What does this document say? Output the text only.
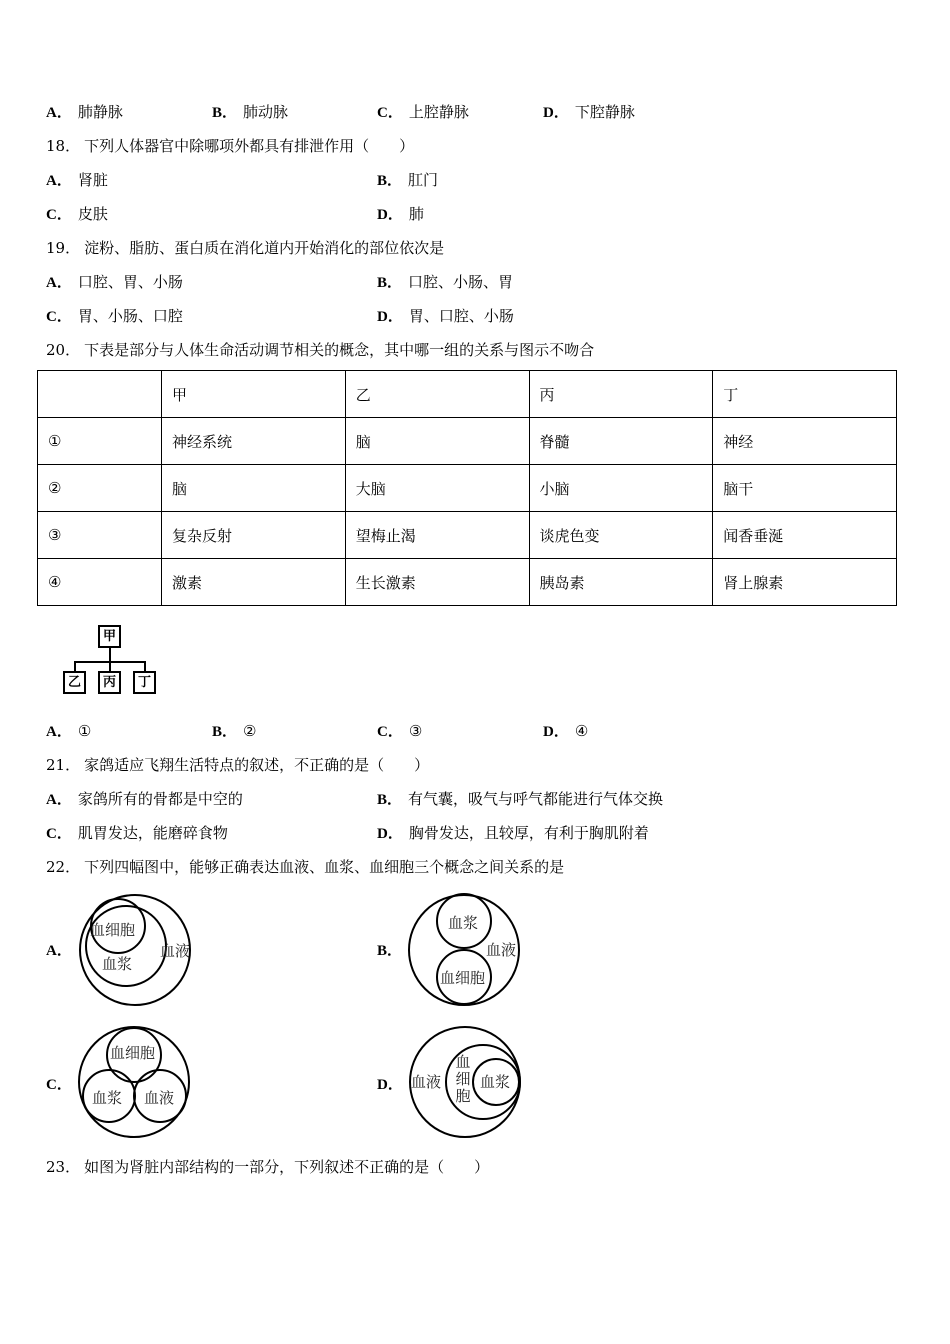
A． 肺静脉	B． 肺动脉	C． 上腔静脉	D． 下腔静脉
18． 下列人体器官中除哪项外都具有排泄作用（　　）
A． 肾脏	B． 肛门
C． 皮肤	D． 肺
19． 淀粉、脂肪、蛋白质在消化道内开始消化的部位依次是
A． 口腔、胃、小肠	B． 口腔、小肠、胃
C． 胃、小肠、口腔	D． 胃、口腔、小肠
20． 下表是部分与人体生命活动调节相关的概念，其中哪一组的关系与图示不吻合
	甲	乙	丙	丁
①	神经系统	脑	脊髓	神经
②	脑	大脑	小脑	脑干
③	复杂反射	望梅止渴	谈虎色变	闻香垂涎
④	激素	生长激素	胰岛素	肾上腺素
甲
乙	丙	丁
A． ①	B． ②	C． ③	D． ④
21． 家鸽适应飞翔生活特点的叙述，不正确的是（　　）
A． 家鸽所有的骨都是中空的	B． 有气囊，吸气与呼气都能进行气体交换
C． 肌胃发达，能磨碎食物	D． 胸骨发达，且较厚，有利于胸肌附着
22． 下列四幅图中，能够正确表达血液、血浆、血细胞三个概念之间关系的是
A．
血细胞
血浆
血液	B．
血浆
血细胞
血液
C．
血细胞
血浆 血液
D． 血液
血
细
胞
血浆
23． 如图为肾脏内部结构的一部分，下列叙述不正确的是（　　）
